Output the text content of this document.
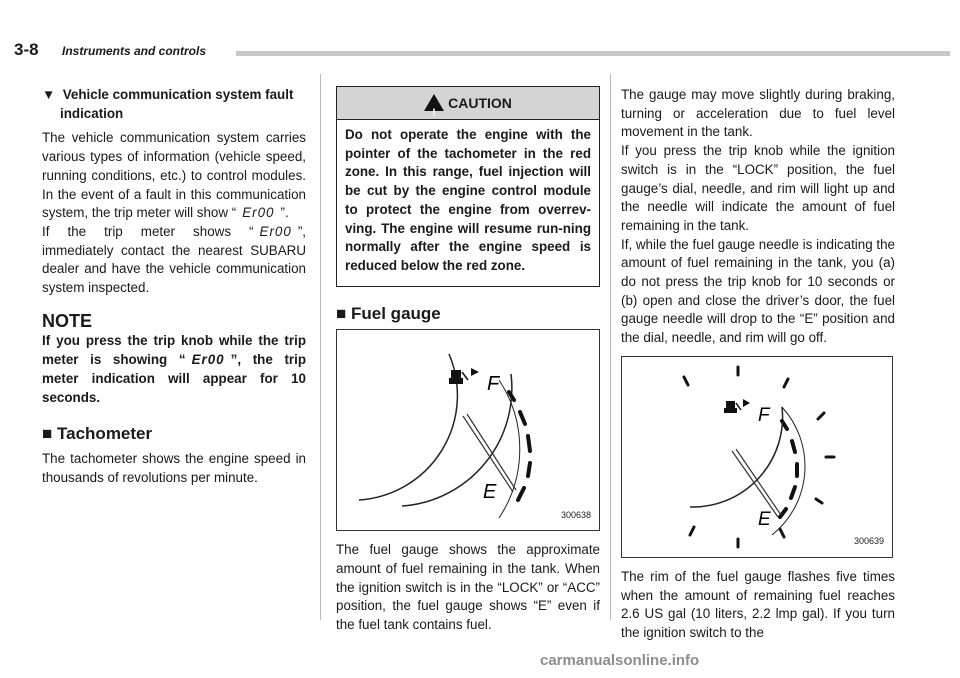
3-8 Instruments and controls

▼ Vehicle communication system fault indication

The vehicle communication system carries various types of information (vehicle speed, running conditions, etc.) to control modules. In the event of a fault in this communication system, the trip meter will show “ Er00 ”.

If the trip meter shows “ Er00 ”, immediately contact the nearest SUBARU dealer and have the vehicle communication system inspected.

NOTE

If you press the trip knob while the trip meter is showing “ Er00 ”, the trip meter indication will appear for 10 seconds.

■ Tachometer

The tachometer shows the engine speed in thousands of revolutions per minute.

!CAUTION
Do not operate the engine with the pointer of the tachometer in the red zone. In this range, fuel injection will be cut by the engine control module to protect the engine from overrev-ving. The engine will resume run-ning normally after the engine speed is reduced below the red zone.

■ Fuel gauge

F
E
300638

The fuel gauge shows the approximate amount of fuel remaining in the tank. When the ignition switch is in the “LOCK” or “ACC” position, the fuel gauge shows “E” even if the fuel tank contains fuel.

The gauge may move slightly during braking, turning or acceleration due to fuel level movement in the tank.

If you press the trip knob while the ignition switch is in the “LOCK” position, the fuel gauge’s dial, needle, and rim will light up and the needle will indicate the amount of fuel remaining in the tank.

If, while the fuel gauge needle is indicating the amount of fuel remaining in the tank, you (a) do not press the trip knob for 10 seconds or (b) open and close the driver’s door, the fuel gauge needle will drop to the “E” position and the dial, needle, and rim will go off.

F
E
300639

The rim of the fuel gauge flashes five times when the amount of remaining fuel reaches 2.6 US gal (10 liters, 2.2 lmp gal). If you turn the ignition switch to the

carmanualsonline.info
